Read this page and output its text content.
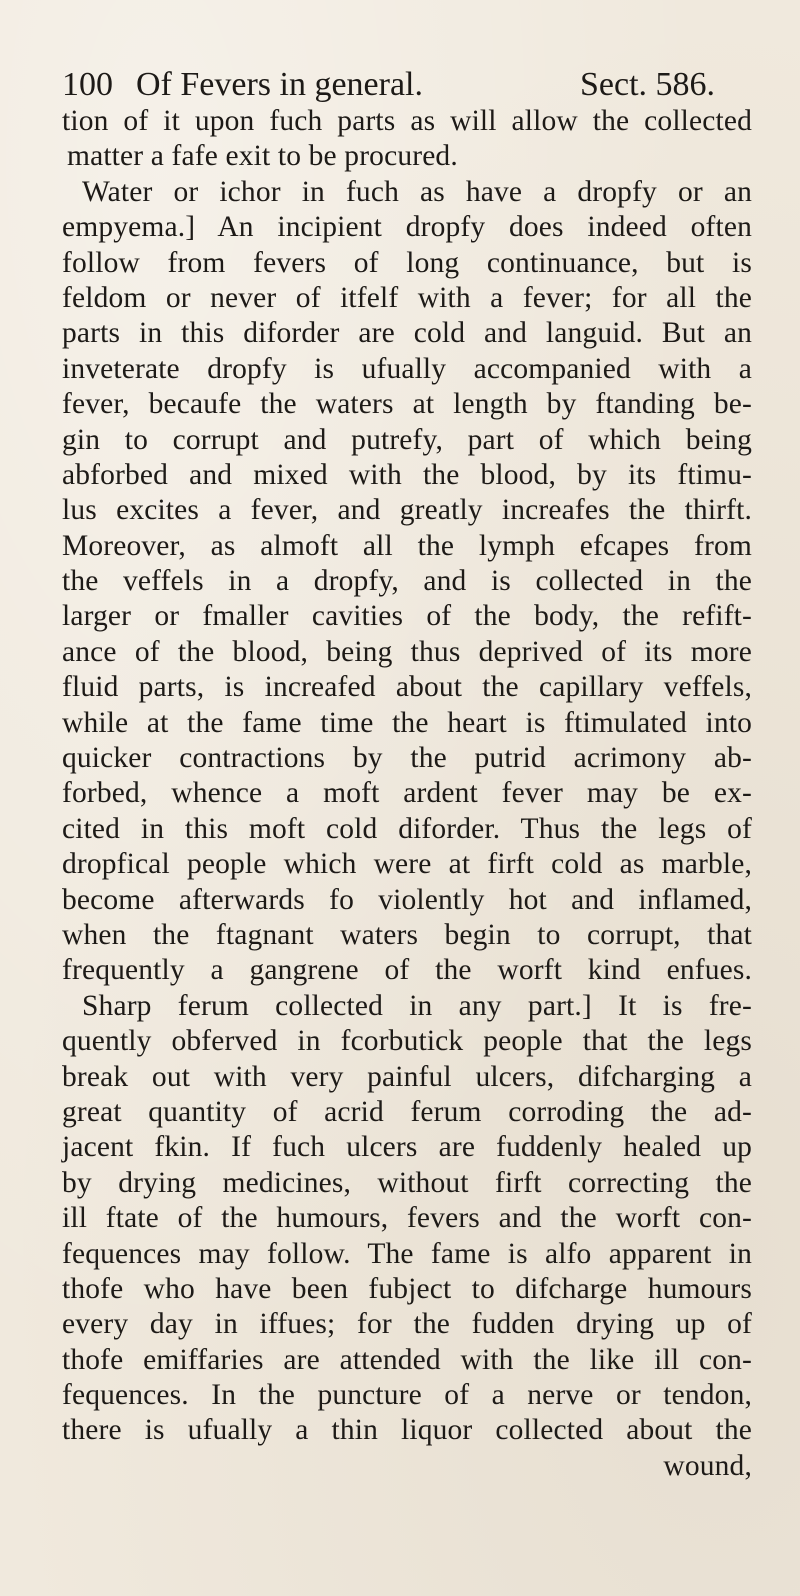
100 Of Fevers in general.	Sect. 586.
tion of it upon fuch parts as will allow the collected
matter a fafe exit to be procured.
Water or ichor in fuch as have a dropfy or an
empyema.] An incipient dropfy does indeed often
follow from fevers of long continuance, but is
feldom or never of itfelf with a fever; for all the
parts in this diforder are cold and languid. But an
inveterate dropfy is ufually accompanied with a
fever, becaufe the waters at length by ftanding be-
gin to corrupt and putrefy, part of which being
abforbed and mixed with the blood, by its ftimu-
lus excites a fever, and greatly increafes the thirft.
Moreover, as almoft all the lymph efcapes from
the veffels in a dropfy, and is collected in the
larger or fmaller cavities of the body, the refift-
ance of the blood, being thus deprived of its more
fluid parts, is increafed about the capillary veffels,
while at the fame time the heart is ftimulated into
quicker contractions by the putrid acrimony ab-
forbed, whence a moft ardent fever may be ex-
cited in this moft cold diforder. Thus the legs of
dropfical people which were at firft cold as marble,
become afterwards fo violently hot and inflamed,
when the ftagnant waters begin to corrupt, that
frequently a gangrene of the worft kind enfues.
Sharp ferum collected in any part.] It is fre-
quently obferved in fcorbutick people that the legs
break out with very painful ulcers, difcharging a
great quantity of acrid ferum corroding the ad-
jacent fkin. If fuch ulcers are fuddenly healed up
by drying medicines, without firft correcting the
ill ftate of the humours, fevers and the worft con-
fequences may follow. The fame is alfo apparent in
thofe who have been fubject to difcharge humours
every day in iffues; for the fudden drying up of
thofe emiffaries are attended with the like ill con-
fequences. In the puncture of a nerve or tendon,
there is ufually a thin liquor collected about the
wound,
